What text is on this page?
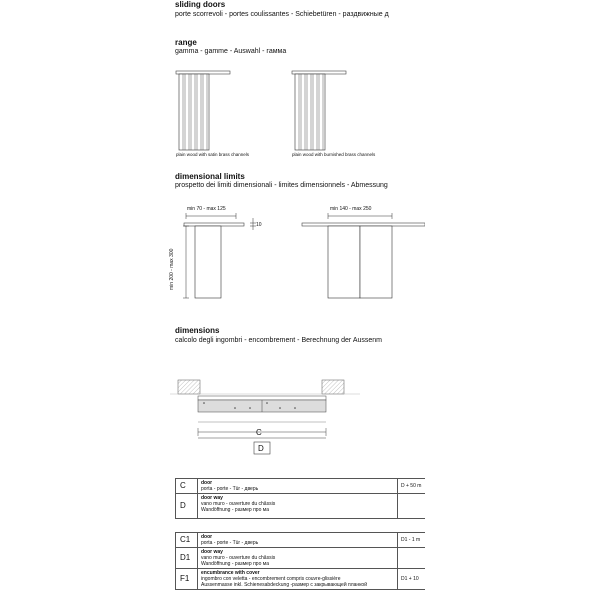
sliding doors
porte scorrevoli - portes coulissantes - Schiebetüren - раздвижные д
range
gamma - gamme - Auswahl - гамма
plain wood with satin brass channels	plain wood with burnished brass channels
dimensional limits
prospetto dei limiti dimensionali - limites dimensionnels - Abmessung
min 70 - max 125
10
min 200 - max 300
min 140 - max 250
dimensions
calcolo degli ingombri - encombrement - Berechnung der Aussenm
C
D
C	door
porta - porte - Tür - дверь	D + 50 m
D	door way
vano muro - ouverture du châssis
Wandöffnung - размер про ма	

C1	door
porta - porte - Tür - дверь	D1 - 1 m
D1	door way
vano muro - ouverture du châssis
Wandöffnung - размер про ма	

F1	encumbrance with cover
ingombro con veletta - encombrement compris couvre-glissière
Aussenmasse inkl. Schienesabdeckung -размер с закрывающей планкой	D1 + 10
